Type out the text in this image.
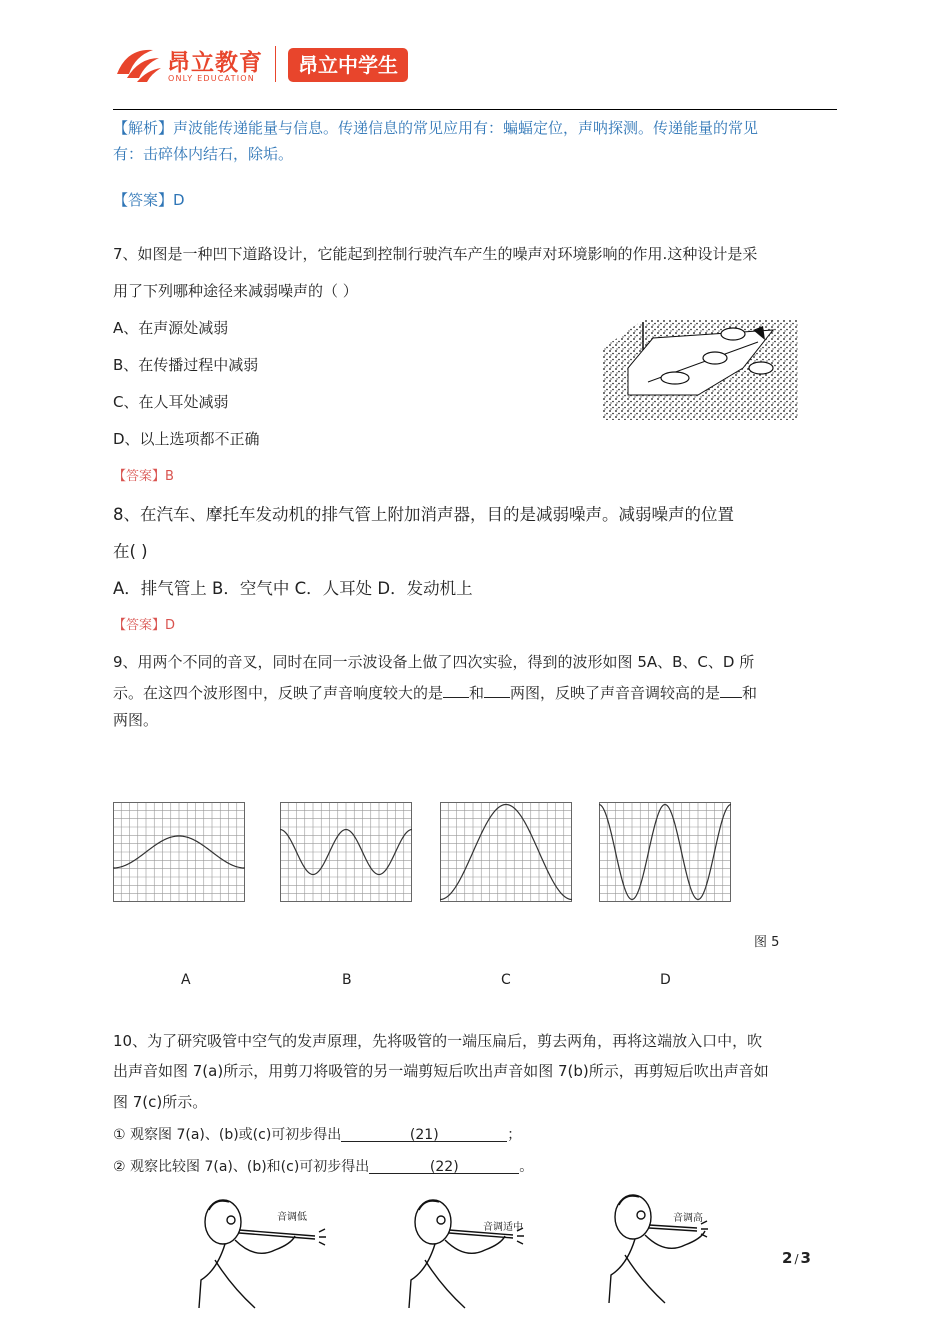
昂立教育
ONLY EDUCATION
昂立中学生
【解析】声波能传递能量与信息。传递信息的常见应用有：蝙蝠定位，声呐探测。传递能量的常见
有：击碎体内结石，除垢。
【答案】D
7、如图是一种凹下道路设计，它能起到控制行驶汽车产生的噪声对环境影响的作用.这种设计是采
用了下列哪种途径来减弱噪声的（ ）
A、在声源处减弱
B、在传播过程中减弱
C、在人耳处减弱
D、以上选项都不正确
【答案】B
8、在汽车、摩托车发动机的排气管上附加消声器，目的是减弱噪声。减弱噪声的位置
在( )
A．排气管上 B．空气中 C．人耳处 D．发动机上
【答案】D
9、用两个不同的音叉，同时在同一示波设备上做了四次实验，得到的波形如图 5A、B、C、D 所
示。在这四个波形图中，反映了声音响度较大的是 和 两图，反映了声音音调较高的是 和
两图。
图 5
A	B	C	D
10、为了研究吸管中空气的发声原理，先将吸管的一端压扁后，剪去两角，再将这端放入口中，吹
出声音如图 7(a)所示，用剪刀将吸管的另一端剪短后吹出声音如图 7(b)所示，再剪短后吹出声音如
图 7(c)所示。
① 观察图 7(a)、(b)或(c)可初步得出	(21)	；
② 观察比较图 7(a)、(b)和(c)可初步得出	(22)	。
音调低
音调适中
音调高
2 / 3
